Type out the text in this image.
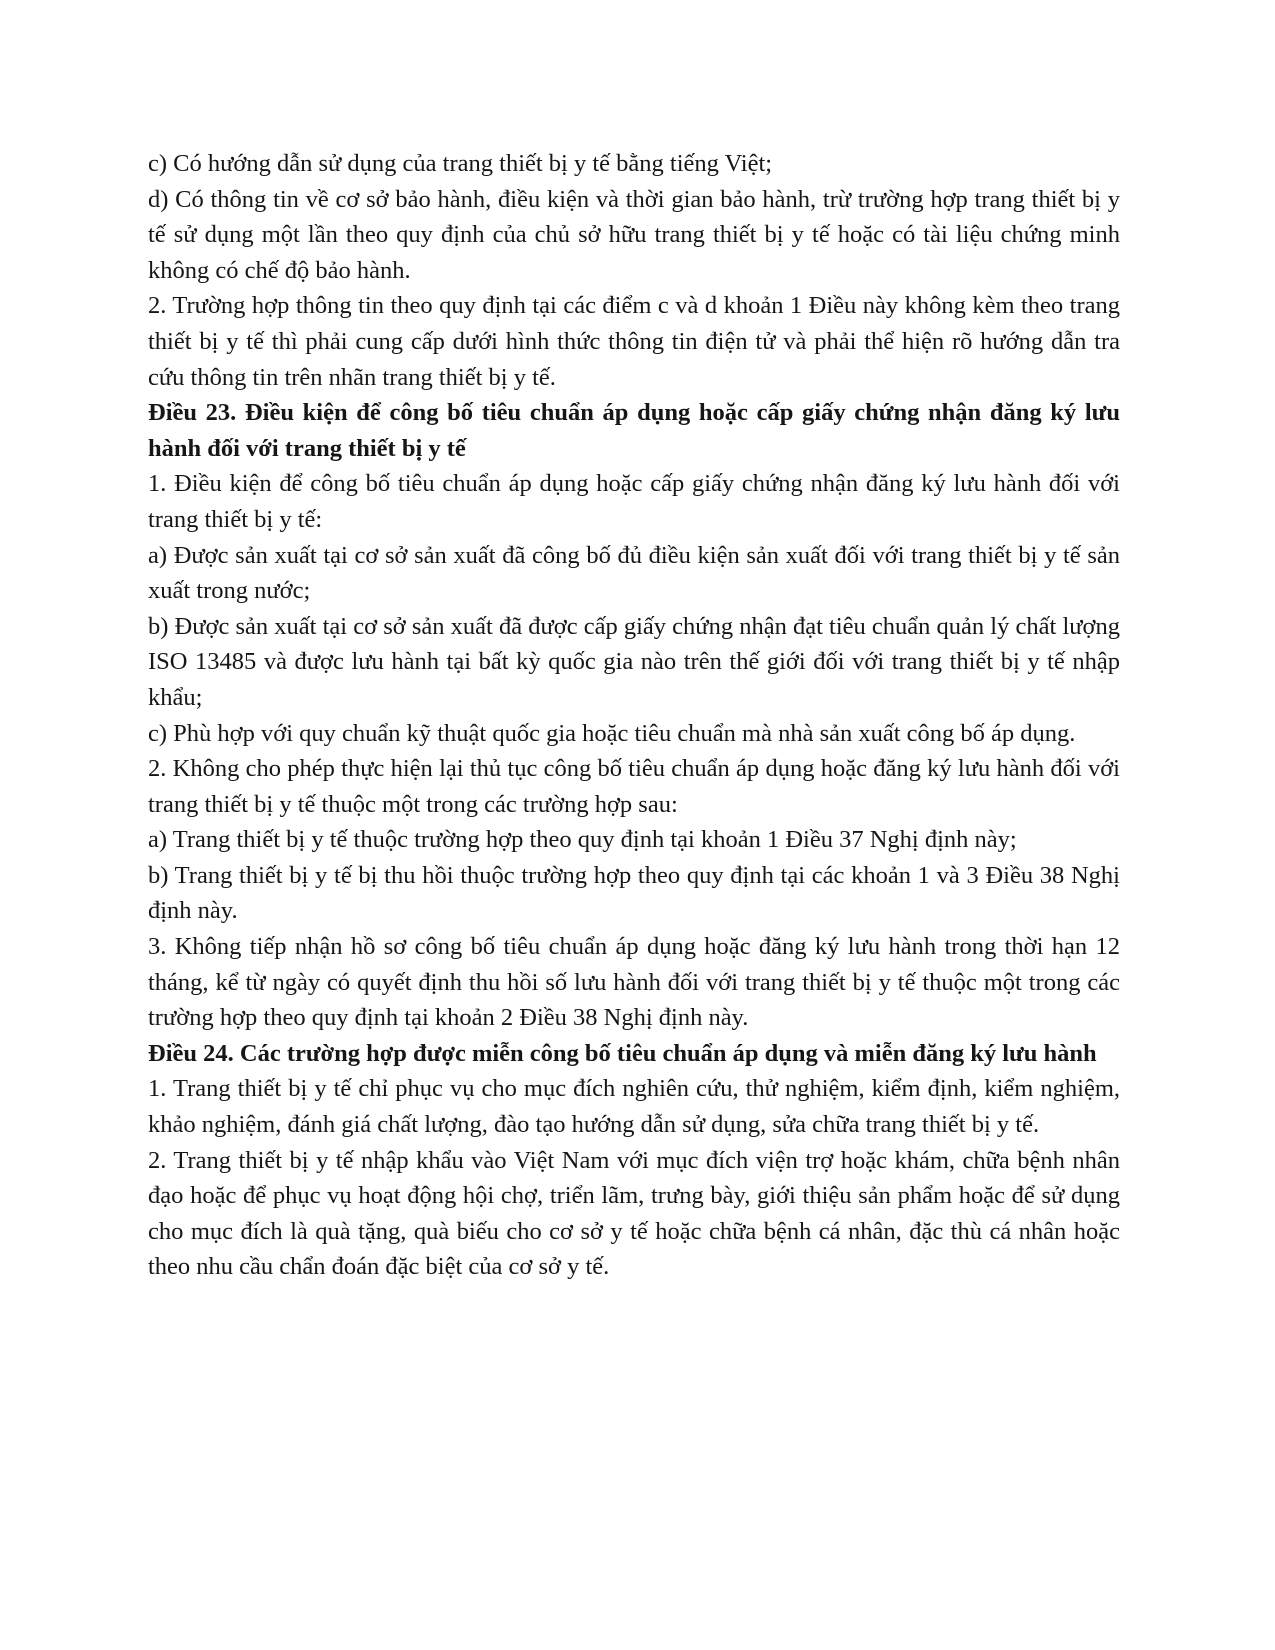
c) Có hướng dẫn sử dụng của trang thiết bị y tế bằng tiếng Việt;

d) Có thông tin về cơ sở bảo hành, điều kiện và thời gian bảo hành, trừ trường hợp trang thiết bị y tế sử dụng một lần theo quy định của chủ sở hữu trang thiết bị y tế hoặc có tài liệu chứng minh không có chế độ bảo hành.

2. Trường hợp thông tin theo quy định tại các điểm c và d khoản 1 Điều này không kèm theo trang thiết bị y tế thì phải cung cấp dưới hình thức thông tin điện tử và phải thể hiện rõ hướng dẫn tra cứu thông tin trên nhãn trang thiết bị y tế.

Điều 23. Điều kiện để công bố tiêu chuẩn áp dụng hoặc cấp giấy chứng nhận đăng ký lưu hành đối với trang thiết bị y tế

1. Điều kiện để công bố tiêu chuẩn áp dụng hoặc cấp giấy chứng nhận đăng ký lưu hành đối với trang thiết bị y tế:

a) Được sản xuất tại cơ sở sản xuất đã công bố đủ điều kiện sản xuất đối với trang thiết bị y tế sản xuất trong nước;

b) Được sản xuất tại cơ sở sản xuất đã được cấp giấy chứng nhận đạt tiêu chuẩn quản lý chất lượng ISO 13485 và được lưu hành tại bất kỳ quốc gia nào trên thế giới đối với trang thiết bị y tế nhập khẩu;

c) Phù hợp với quy chuẩn kỹ thuật quốc gia hoặc tiêu chuẩn mà nhà sản xuất công bố áp dụng.

2. Không cho phép thực hiện lại thủ tục công bố tiêu chuẩn áp dụng hoặc đăng ký lưu hành đối với trang thiết bị y tế thuộc một trong các trường hợp sau:

a) Trang thiết bị y tế thuộc trường hợp theo quy định tại khoản 1 Điều 37 Nghị định này;

b) Trang thiết bị y tế bị thu hồi thuộc trường hợp theo quy định tại các khoản 1 và 3 Điều 38 Nghị định này.

3. Không tiếp nhận hồ sơ công bố tiêu chuẩn áp dụng hoặc đăng ký lưu hành trong thời hạn 12 tháng, kể từ ngày có quyết định thu hồi số lưu hành đối với trang thiết bị y tế thuộc một trong các trường hợp theo quy định tại khoản 2 Điều 38 Nghị định này.

Điều 24. Các trường hợp được miễn công bố tiêu chuẩn áp dụng và miễn đăng ký lưu hành

1. Trang thiết bị y tế chỉ phục vụ cho mục đích nghiên cứu, thử nghiệm, kiểm định, kiểm nghiệm, khảo nghiệm, đánh giá chất lượng, đào tạo hướng dẫn sử dụng, sửa chữa trang thiết bị y tế.

2. Trang thiết bị y tế nhập khẩu vào Việt Nam với mục đích viện trợ hoặc khám, chữa bệnh nhân đạo hoặc để phục vụ hoạt động hội chợ, triển lãm, trưng bày, giới thiệu sản phẩm hoặc để sử dụng cho mục đích là quà tặng, quà biếu cho cơ sở y tế hoặc chữa bệnh cá nhân, đặc thù cá nhân hoặc theo nhu cầu chẩn đoán đặc biệt của cơ sở y tế.
